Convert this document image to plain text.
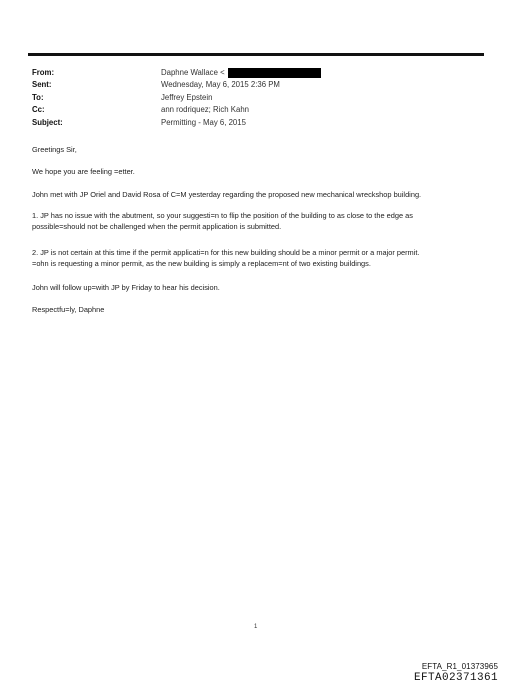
From:	Daphne Wallace <
Sent:	Wednesday, May 6, 2015 2:36 PM
To:	Jeffrey Epstein
Cc:	ann rodriquez; Rich Kahn
Subject:	Permitting - May 6, 2015

Greetings Sir,

We hope you are feeling =etter.

John met with JP Oriel and David Rosa of C=M yesterday regarding the proposed new mechanical wreckshop building.

1. JP has no issue with the abutment, so your suggesti=n to flip the position of the building to as close to the edge as
possible=should not be challenged when the permit application is submitted.

2. JP is not certain at this time if the permit applicati=n for this new building should be a minor permit or a major permit.
=ohn is requesting a minor permit, as the new building is simply a replacem=nt of two existing buildings.

John will follow up=with JP by Friday to hear his decision.

Respectfu=ly, Daphne

1
EFTA_R1_01373965
EFTA02371361
